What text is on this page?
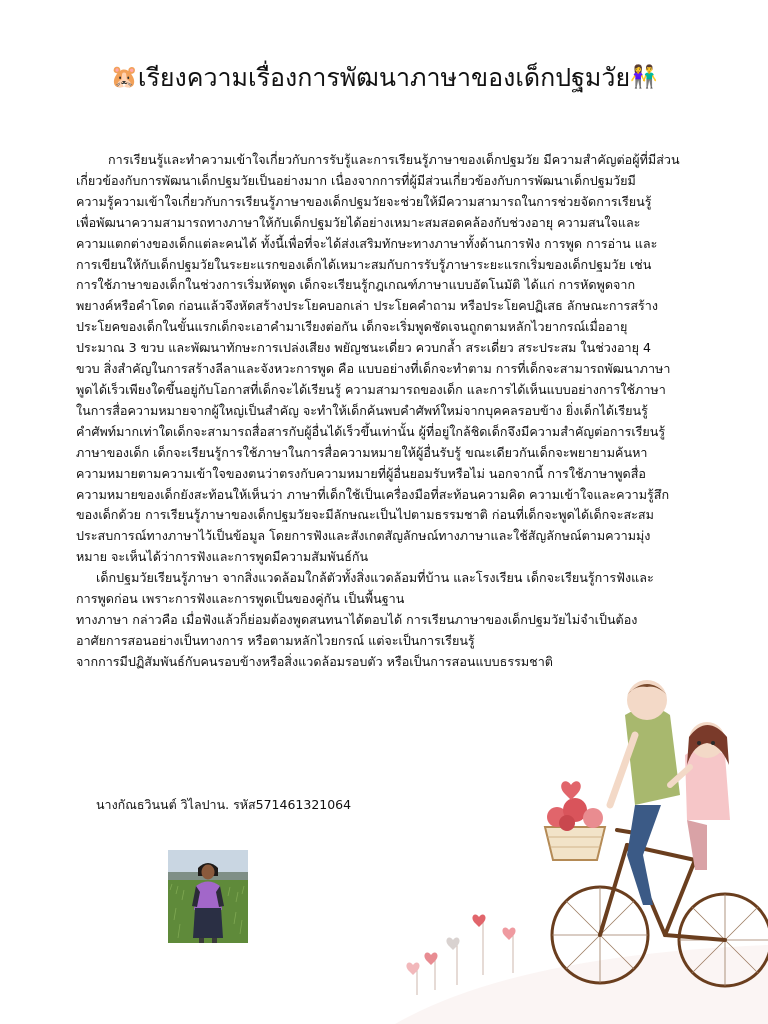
🐹เรียงความเรื่องการพัฒนาภาษาของเด็กปฐมวัย👫
การเรียนรู้และทำความเข้าใจเกี่ยวกับการรับรู้และการเรียนรู้ภาษาของเด็กปฐมวัย มีความสำคัญต่อผู้ที่มีส่วน
เกี่ยวข้องกับการพัฒนาเด็กปฐมวัยเป็นอย่างมาก เนื่องจากการที่ผู้มีส่วนเกี่ยวข้องกับการพัฒนาเด็กปฐมวัยมี
ความรู้ความเข้าใจเกี่ยวกับการเรียนรู้ภาษาของเด็กปฐมวัยจะช่วยให้มีความสามารถในการช่วยจัดการเรียนรู้
เพื่อพัฒนาความสามารถทางภาษาให้กับเด็กปฐมวัยได้อย่างเหมาะสมสอดคล้องกับช่วงอายุ ความสนใจและ
ความแตกต่างของเด็กแต่ละคนได้ ทั้งนี้เพื่อที่จะได้ส่งเสริมทักษะทางภาษาทั้งด้านการฟัง การพูด การอ่าน และ
การเขียนให้กับเด็กปฐมวัยในระยะแรกของเด็กได้เหมาะสมกับการรับรู้ภาษาระยะแรกเริ่มของเด็กปฐมวัย เช่น
การใช้ภาษาของเด็กในช่วงการเริ่มหัดพูด เด็กจะเรียนรู้กฎเกณฑ์ภาษาแบบอัตโนมัติ ได้แก่ การหัดพูดจาก
พยางค์หรือคำโดด ก่อนแล้วจึงหัดสร้างประโยคบอกเล่า ประโยคคำถาม หรือประโยคปฏิเสธ ลักษณะการสร้าง
ประโยคของเด็กในขั้นแรกเด็กจะเอาคำมาเรียงต่อกัน เด็กจะเริ่มพูดชัดเจนถูกตามหลักไวยากรณ์เมื่ออายุ
ประมาณ 3 ขวบ และพัฒนาทักษะการเปล่งเสียง พยัญชนะเดี่ยว ควบกล้ำ สระเดี่ยว สระประสม ในช่วงอายุ 4
ขวบ สิ่งสำคัญในการสร้างลีลาและจังหวะการพูด คือ แบบอย่างที่เด็กจะทำตาม การที่เด็กจะสามารถพัฒนาภาษา
พูดได้เร็วเพียงใดขึ้นอยู่กับโอกาสที่เด็กจะได้เรียนรู้ ความสามารถของเด็ก และการได้เห็นแบบอย่างการใช้ภาษา
ในการสื่อความหมายจากผู้ใหญ่เป็นสำคัญ จะทำให้เด็กค้นพบคำศัพท์ใหม่จากบุคคลรอบข้าง ยิ่งเด็กได้เรียนรู้
คำศัพท์มากเท่าใดเด็กจะสามารถสื่อสารกับผู้อื่นได้เร็วขึ้นเท่านั้น ผู้ที่อยู่ใกล้ชิดเด็กจึงมีความสำคัญต่อการเรียนรู้
ภาษาของเด็ก เด็กจะเรียนรู้การใช้ภาษาในการสื่อความหมายให้ผู้อื่นรับรู้ ขณะเดียวกันเด็กจะพยายามค้นหา
ความหมายตามความเข้าใจของตนว่าตรงกับความหมายที่ผู้อื่นยอมรับหรือไม่ นอกจากนี้ การใช้ภาษาพูดสื่อ
ความหมายของเด็กยังสะท้อนให้เห็นว่า ภาษาที่เด็กใช้เป็นเครื่องมือที่สะท้อนความคิด ความเข้าใจและความรู้สึก
ของเด็กด้วย การเรียนรู้ภาษาของเด็กปฐมวัยจะมีลักษณะเป็นไปตามธรรมชาติ ก่อนที่เด็กจะพูดได้เด็กจะสะสม
ประสบการณ์ทางภาษาไว้เป็นข้อมูล โดยการฟังและสังเกตสัญลักษณ์ทางภาษาและใช้สัญลักษณ์ตามความมุ่ง
หมาย จะเห็นได้ว่าการฟังและการพูดมีความสัมพันธ์กัน
เด็กปฐมวัยเรียนรู้ภาษา จากสิ่งแวดล้อมใกล้ตัวทั้งสิ่งแวดล้อมที่บ้าน และโรงเรียน เด็กจะเรียนรู้การฟังและ
การพูดก่อน เพราะการฟังและการพูดเป็นของคู่กัน เป็นพื้นฐาน
ทางภาษา กล่าวคือ เมื่อฟังแล้วก็ย่อมต้องพูดสนทนาได้ตอบได้ การเรียนภาษาของเด็กปฐมวัยไม่จำเป็นต้อง
อาศัยการสอนอย่างเป็นทางการ หรือตามหลักไวยกรณ์ แต่จะเป็นการเรียนรู้
จากการมีปฏิสัมพันธ์กับคนรอบข้างหรือสิ่งแวดล้อมรอบตัว หรือเป็นการสอนแบบธรรมชาติ
นางกัณธวินนต์ วิไลปาน. รหัส571461321064
